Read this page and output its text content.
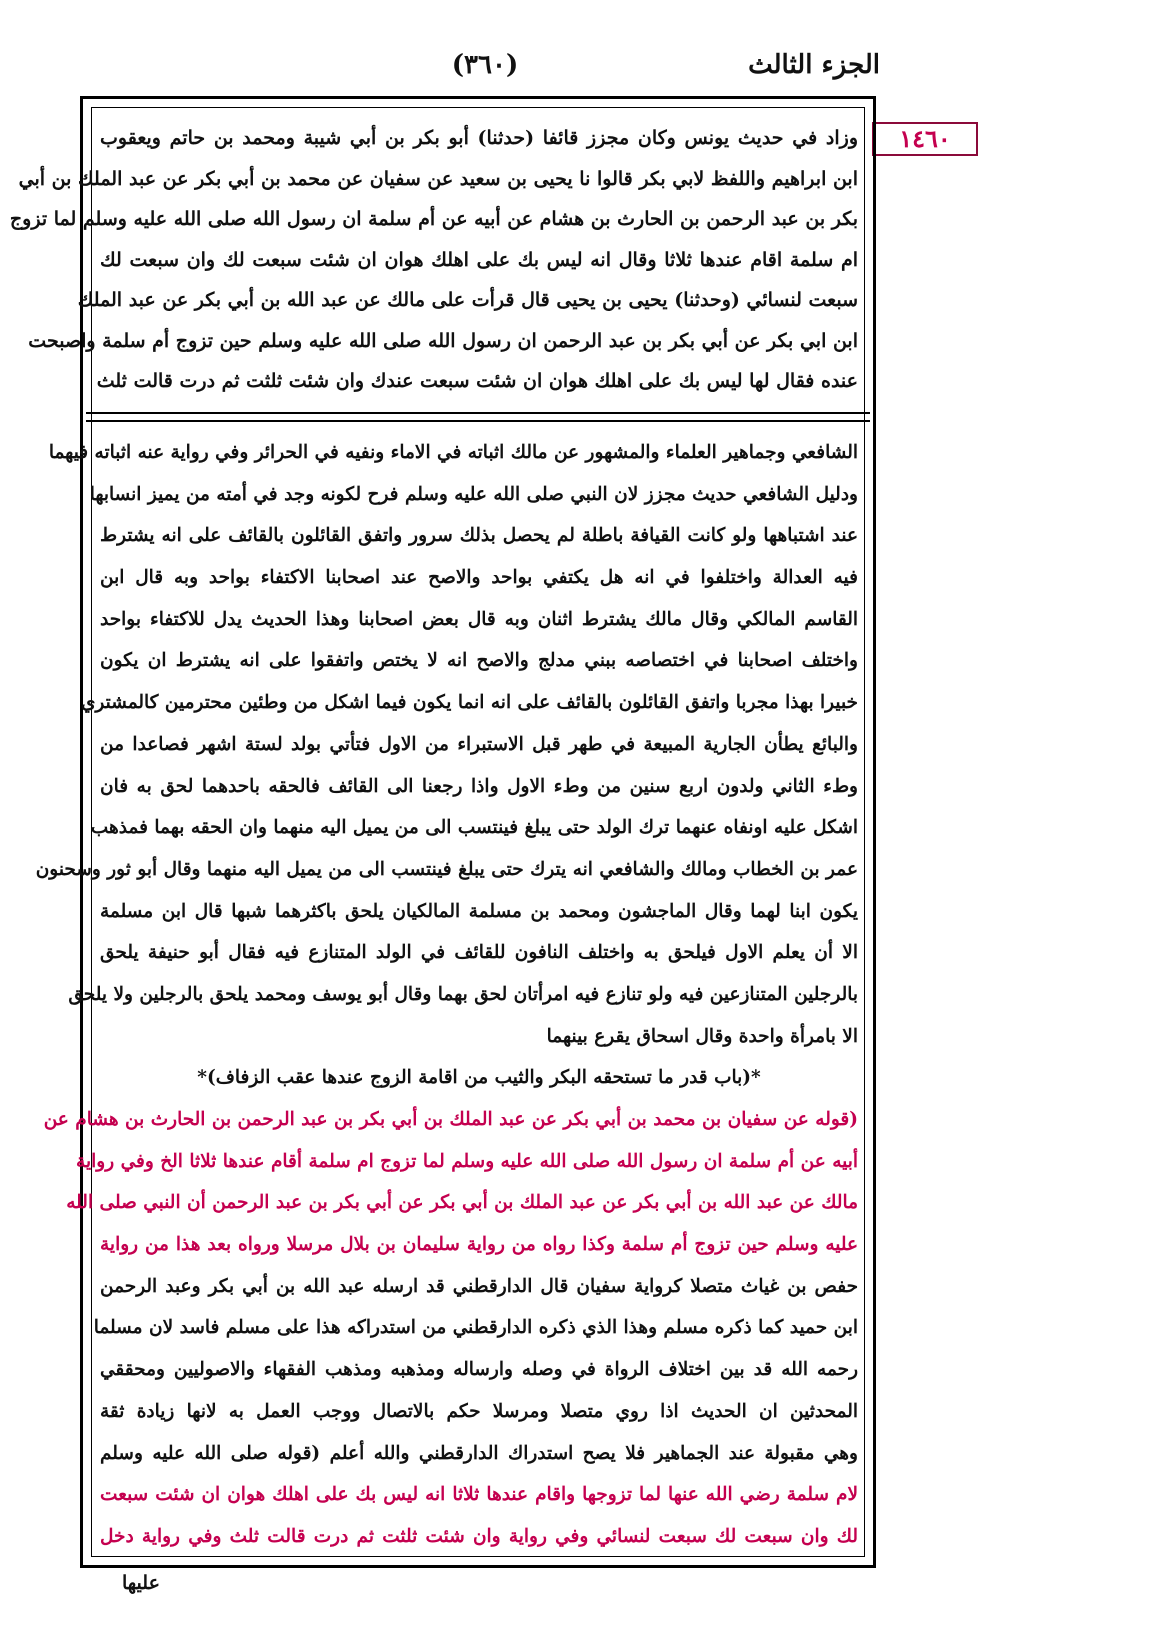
الجزء الثالث
(٣٦٠)
١٤٦٠
وزاد في حديث يونس وكان مجزز قائفا (حدثنا) أبو بكر بن أبي شيبة ومحمد بن حاتم ويعقوب
ابن ابراهيم واللفظ لابي بكر قالوا نا يحيى بن سعيد عن سفيان عن محمد بن أبي بكر عن عبد الملك بن أبي
بكر بن عبد الرحمن بن الحارث بن هشام عن أبيه عن أم سلمة ان رسول الله صلى الله عليه وسلم لما تزوج
ام سلمة اقام عندها ثلاثا وقال انه ليس بك على اهلك هوان ان شئت سبعت لك وان سبعت لك
سبعت لنسائي (وحدثنا) يحيى بن يحيى قال قرأت على مالك عن عبد الله بن أبي بكر عن عبد الملك
ابن ابي بكر عن أبي بكر بن عبد الرحمن ان رسول الله صلى الله عليه وسلم حين تزوج أم سلمة واصبحت
عنده فقال لها ليس بك على اهلك هوان ان شئت سبعت عندك وان شئت ثلثت ثم درت قالت ثلث
الشافعي وجماهير العلماء والمشهور عن مالك اثباته في الاماء ونفيه في الحرائر وفي رواية عنه اثباته فيهما
ودليل الشافعي حديث مجزز لان النبي صلى الله عليه وسلم فرح لكونه وجد في أمته من يميز انسابها
عند اشتباهها ولو كانت القيافة باطلة لم يحصل بذلك سرور واتفق القائلون بالقائف على انه يشترط
فيه العدالة واختلفوا في انه هل يكتفي بواحد والاصح عند اصحابنا الاكتفاء بواحد وبه قال ابن
القاسم المالكي وقال مالك يشترط اثنان وبه قال بعض اصحابنا وهذا الحديث يدل للاكتفاء بواحد
واختلف اصحابنا في اختصاصه ببني مدلج والاصح انه لا يختص واتفقوا على انه يشترط ان يكون
خبيرا بهذا مجربا واتفق القائلون بالقائف على انه انما يكون فيما اشكل من وطئين محترمين كالمشتري
والبائع يطأن الجارية المبيعة في طهر قبل الاستبراء من الاول فتأتي بولد لستة اشهر فصاعدا من
وطء الثاني ولدون اربع سنين من وطء الاول واذا رجعنا الى القائف فالحقه باحدهما لحق به فان
اشكل عليه اونفاه عنهما ترك الولد حتى يبلغ فينتسب الى من يميل اليه منهما وان الحقه بهما فمذهب
عمر بن الخطاب ومالك والشافعي انه يترك حتى يبلغ فينتسب الى من يميل اليه منهما وقال أبو ثور وسحنون
يكون ابنا لهما وقال الماجشون ومحمد بن مسلمة المالكيان يلحق باكثرهما شبها قال ابن مسلمة
الا أن يعلم الاول فيلحق به واختلف النافون للقائف في الولد المتنازع فيه فقال أبو حنيفة يلحق
بالرجلين المتنازعين فيه ولو تنازع فيه امرأتان لحق بهما وقال أبو يوسف ومحمد يلحق بالرجلين ولا يلحق
الا بامرأة واحدة وقال اسحاق يقرع بينهما
*(باب قدر ما تستحقه البكر والثيب من اقامة الزوج عندها عقب الزفاف)*
(قوله عن سفيان بن محمد بن أبي بكر عن عبد الملك بن أبي بكر بن عبد الرحمن بن الحارث بن هشام عن
أبيه عن أم سلمة ان رسول الله صلى الله عليه وسلم لما تزوج ام سلمة أقام عندها ثلاثا الخ وفي رواية
مالك عن عبد الله بن أبي بكر عن عبد الملك بن أبي بكر عن أبي بكر بن عبد الرحمن أن النبي صلى الله
عليه وسلم حين تزوج أم سلمة وكذا رواه من رواية سليمان بن بلال مرسلا ورواه بعد هذا من رواية
حفص بن غياث متصلا كرواية سفيان قال الدارقطني قد ارسله عبد الله بن أبي بكر وعبد الرحمن
ابن حميد كما ذكره مسلم وهذا الذي ذكره الدارقطني من استدراكه هذا على مسلم فاسد لان مسلما
رحمه الله قد بين اختلاف الرواة في وصله وارساله ومذهبه ومذهب الفقهاء والاصوليين ومحققي
المحدثين ان الحديث اذا روي متصلا ومرسلا حكم بالاتصال ووجب العمل به لانها زيادة ثقة
وهي مقبولة عند الجماهير فلا يصح استدراك الدارقطني والله أعلم (قوله صلى الله عليه وسلم
لام سلمة رضي الله عنها لما تزوجها واقام عندها ثلاثا انه ليس بك على اهلك هوان ان شئت سبعت
لك وان سبعت لك سبعت لنسائي وفي رواية وان شئت ثلثت ثم درت قالت ثلث وفي رواية دخل
عليها
